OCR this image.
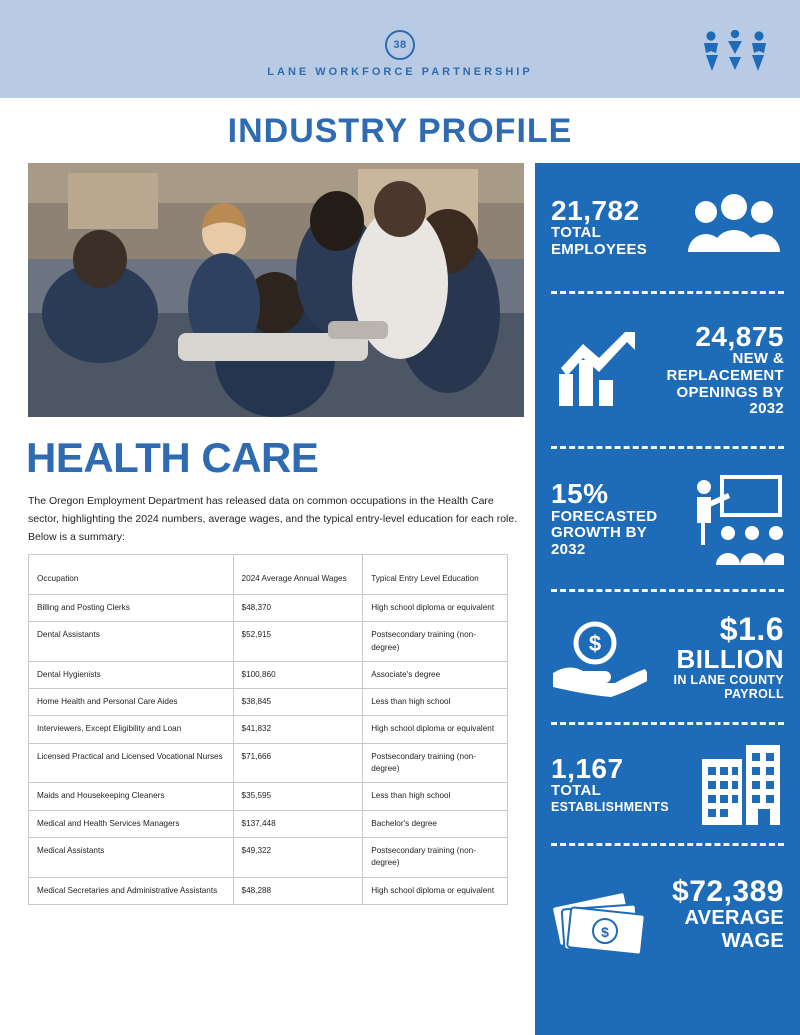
38
LANE WORKFORCE PARTNERSHIP
INDUSTRY PROFILE
HEALTH CARE
The Oregon Employment Department has released data on common occupations in the Health Care sector, highlighting the 2024 numbers, average wages, and the typical entry-level education for each role. Below is a summary:
Occupation	2024 Average Annual Wages	Typical Entry Level Education
Billing and Posting Clerks	$48,370	High school diploma or equivalent
Dental Assistants	$52,915	Postsecondary training (non-degree)
Dental Hygienists	$100,860	Associate's degree
Home Health and Personal Care Aides	$38,845	Less than high school
Interviewers, Except Eligibility and Loan	$41,832	High school diploma or equivalent
Licensed Practical and Licensed Vocational Nurses	$71,666	Postsecondary training (non-degree)
Maids and Housekeeping Cleaners	$35,595	Less than high school
Medical and Health Services Managers	$137,448	Bachelor's degree
Medical Assistants	$49,322	Postsecondary training (non-degree)
Medical Secretaries and Administrative Assistants	$48,288	High school diploma or equivalent
21,782
TOTAL
EMPLOYEES
24,875
NEW &
REPLACEMENT
OPENINGS BY
2032
15%
FORECASTED
GROWTH BY
2032
$	$1.6
BILLION
IN LANE COUNTY
PAYROLL
1,167
TOTAL
ESTABLISHMENTS
$
$72,389
AVERAGE
WAGE
